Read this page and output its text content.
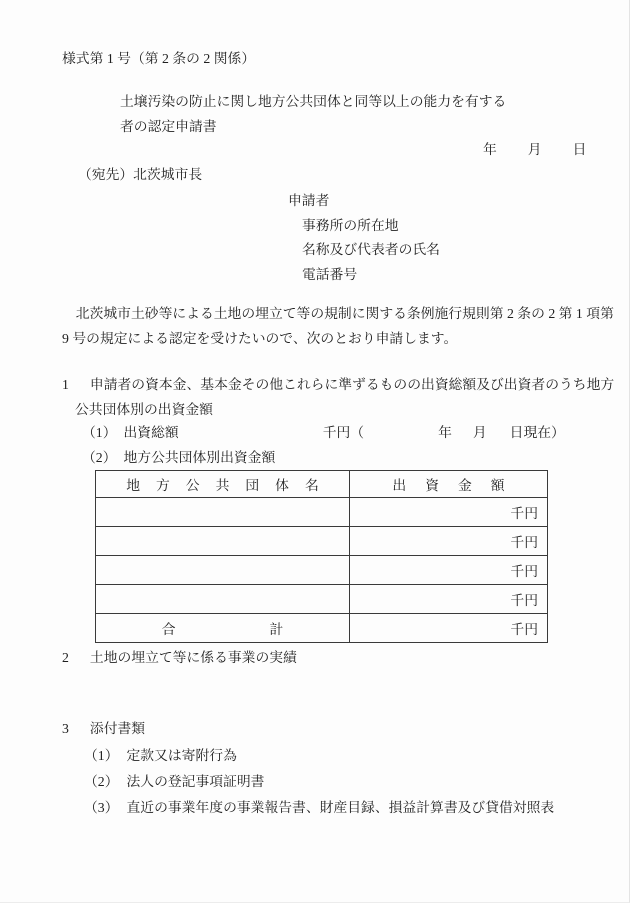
様式第 1 号（第 2 条の 2 関係）
土壌汚染の防止に関し地方公共団体と同等以上の能力を有する
者の認定申請書
年月日
（宛先）北茨城市長
申請者
事務所の所在地
名称及び代表者の氏名
電話番号
　北茨城市土砂等による土地の埋立て等の規制に関する条例施行規則第 2 条の 2 第 1 項第
9 号の規定による認定を受けたいので、次のとおり申請します。
1 申請者の資本金、基本金その他これらに準ずるものの出資総額及び出資者のうち地方
公共団体別の出資金額
（1） 出資総額	千円（	年 月 日現在）
（2） 地方公共団体別出資金額
地方公共団体名	出資金額
	千円
	千円
	千円
	千円
合計	千円
2 土地の埋立て等に係る事業の実績
3 添付書類
（1） 定款又は寄附行為
（2） 法人の登記事項証明書
（3） 直近の事業年度の事業報告書、財産目録、損益計算書及び貸借対照表
